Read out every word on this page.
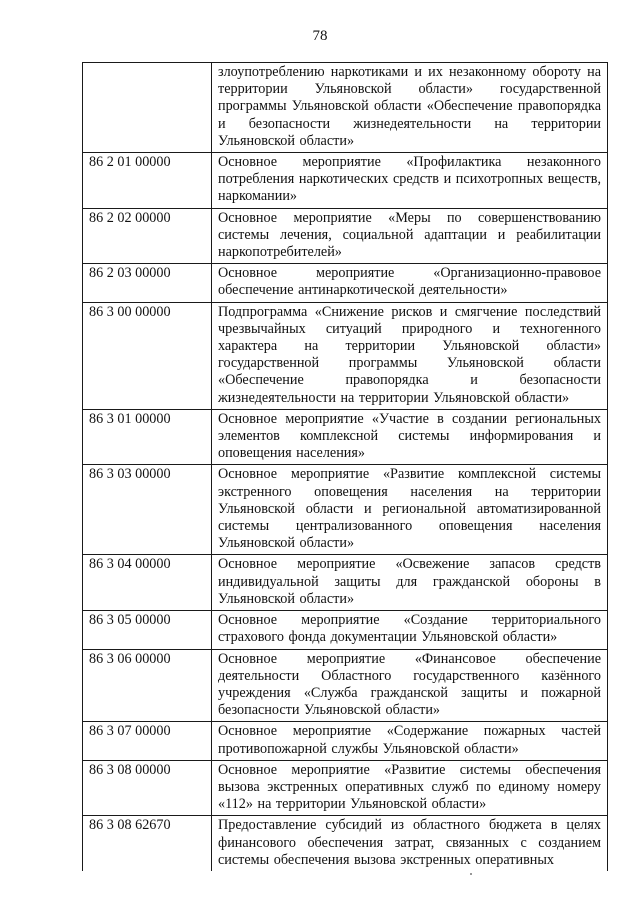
78
	злоупотреблению наркотиками и их незаконному обороту на территории Ульяновской области» государственной программы Ульяновской области «Обеспечение правопорядка и безопасности жизнедеятельности на территории Ульяновской области»
86 2 01 00000	Основное мероприятие «Профилактика незаконного потребления наркотических средств и психотропных веществ, наркомании»
86 2 02 00000	Основное мероприятие «Меры по совершенствованию системы лечения, социальной адаптации и реабилитации наркопотребителей»
86 2 03 00000	Основное мероприятие «Организационно-правовое обеспечение антинаркотической деятельности»
86 3 00 00000	Подпрограмма «Снижение рисков и смягчение последствий чрезвычайных ситуаций природного и техногенного характера на территории Ульяновской области» государственной программы Ульяновской области «Обеспечение правопорядка и безопасности жизнедеятельности на территории Ульяновской области»
86 3 01 00000	Основное мероприятие «Участие в создании региональных элементов комплексной системы информирования и оповещения населения»
86 3 03 00000	Основное мероприятие «Развитие комплексной системы экстренного оповещения населения на территории Ульяновской области и региональной автоматизированной системы централизованного оповещения населения Ульяновской области»
86 3 04 00000	Основное мероприятие «Освежение запасов средств индивидуальной защиты для гражданской обороны в Ульяновской области»
86 3 05 00000	Основное мероприятие «Создание территориального страхового фонда документации Ульяновской области»
86 3 06 00000	Основное мероприятие «Финансовое обеспечение деятельности Областного государственного казённого учреждения «Служба гражданской защиты и пожарной безопасности Ульяновской области»
86 3 07 00000	Основное мероприятие «Содержание пожарных частей противопожарной службы Ульяновской области»
86 3 08 00000	Основное мероприятие «Развитие системы обеспечения вызова экстренных оперативных служб по единому номеру «112» на территории Ульяновской области»
86 3 08 62670	Предоставление субсидий из областного бюджета в целях финансового обеспечения затрат, связанных с созданием системы обеспечения вызова экстренных оперативных
